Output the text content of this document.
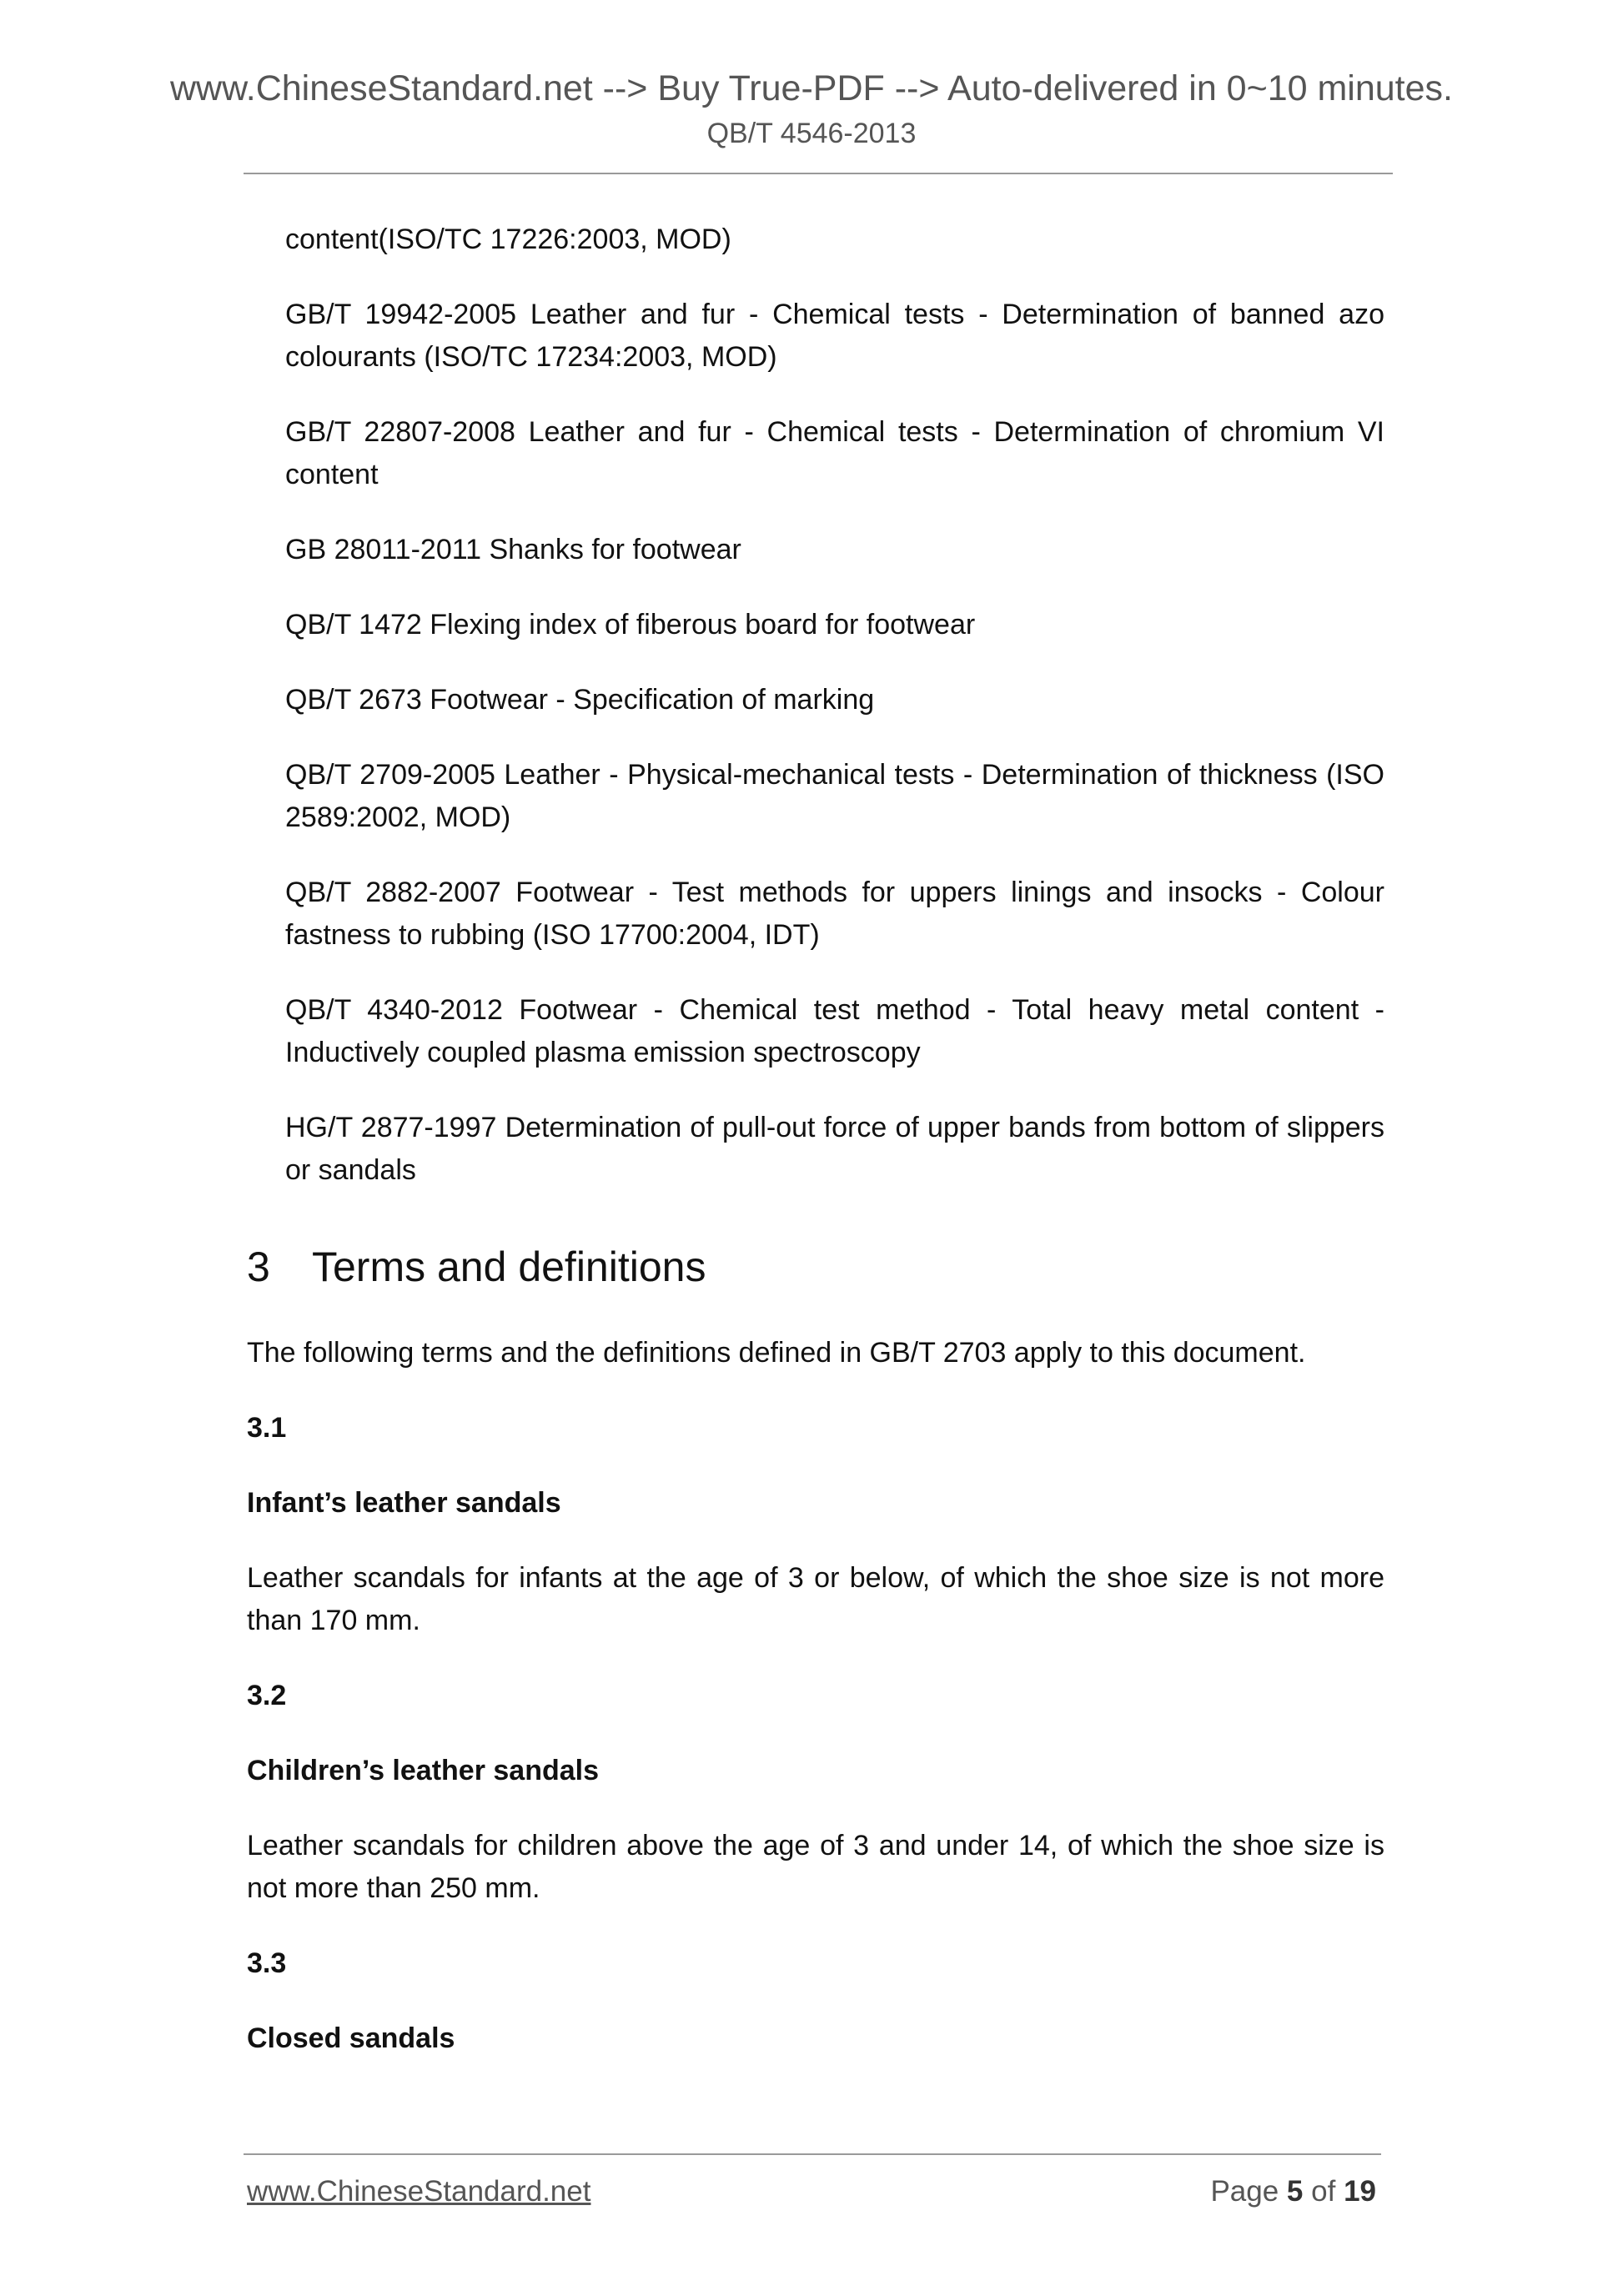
www.ChineseStandard.net --> Buy True-PDF --> Auto-delivered in 0~10 minutes.
QB/T 4546-2013
content(ISO/TC 17226:2003, MOD)
GB/T 19942-2005 Leather and fur - Chemical tests - Determination of banned azo colourants (ISO/TC 17234:2003, MOD)
GB/T 22807-2008 Leather and fur - Chemical tests - Determination of chromium VI content
GB 28011-2011 Shanks for footwear
QB/T 1472 Flexing index of fiberous board for footwear
QB/T 2673 Footwear - Specification of marking
QB/T 2709-2005 Leather - Physical-mechanical tests - Determination of thickness (ISO 2589:2002, MOD)
QB/T 2882-2007 Footwear - Test methods for uppers linings and insocks - Colour fastness to rubbing (ISO 17700:2004, IDT)
QB/T 4340-2012 Footwear - Chemical test method - Total heavy metal content - Inductively coupled plasma emission spectroscopy
HG/T 2877-1997 Determination of pull-out force of upper bands from bottom of slippers or sandals
3	Terms and definitions
The following terms and the definitions defined in GB/T 2703 apply to this document.
3.1
Infant’s leather sandals
Leather scandals for infants at the age of 3 or below, of which the shoe size is not more than 170 mm.
3.2
Children’s leather sandals
Leather scandals for children above the age of 3 and under 14, of which the shoe size is not more than 250 mm.
3.3
Closed sandals
www.ChineseStandard.net	Page 5 of 19
